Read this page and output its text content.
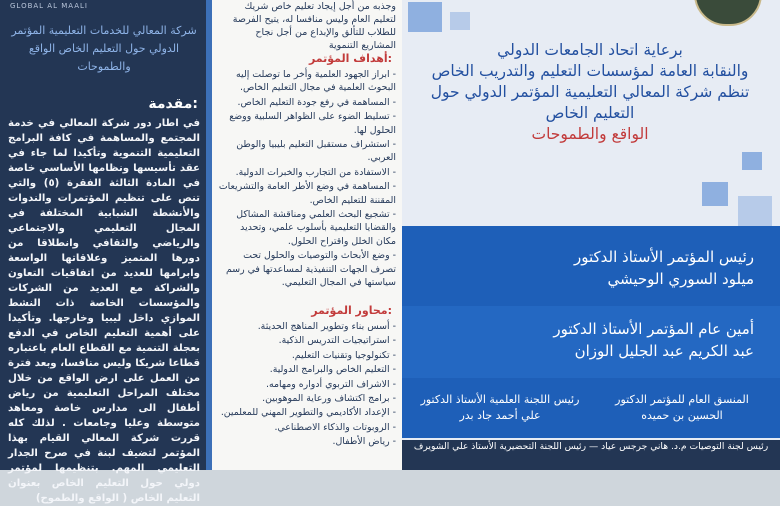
GLOBAL AL MAALI
شركة المعالي للخدمات التعليمية المؤتمر الدولي حول التعليم الخاص الواقع والطموحات
مقدمة:
في اطار دور شركة المعالي في خدمة المجتمع والمساهمة في كافة البرامج التعليمية التنموية وتأكيدا لما جاء في عقد تأسيسها ونظامها الأساسي خاصة في المادة الثالثة الفقرة (٥) والتي تنص على تنظيم المؤتمرات والندوات والأنشطة الشبابية المختلفة في المجال التعليمي والاجتماعي والرياضي والثقافي وانطلاقا من دورها المتميز وعلاقاتها الواسعة وابرامها للعديد من اتفاقيات التعاون والشراكة مع العديد من الشركات والمؤسسات الخاصة ذات النشط الموازي داخل ليبيا وخارجها. وتأكيدا على أهمية التعليم الخاص في الدفع بعجلة التنمية مع القطاع العام باعتباره قطاعا شريكا وليس منافسا، وبعد فترة من العمل على ارض الواقع من خلال مختلف المراحل التعليمية من رياض أطفال الى مدارس خاصة ومعاهد متوسطة وعليا وجامعات . لذلك كله قررت شركة المعالي القيام بهذا المؤتمر لتضيف لبنة في صرح الجدار التعليمي المهم. بتنظيمها لمؤتمر دولي حول التعليم الخاص بعنوان التعليم الخاص ( الواقع والطموح)
وجذبه من أجل إيجاد تعليم خاص شريك لتعليم العام وليس منافسا له، يتيح الفرصة للطلاب للتألق والإبداع من أجل نجاح المشاريع التنموية
أهداف المؤتمر:
- ابراز الجهود العلمية وأخر ما توصلت إليه البحوث العلمية في مجال التعليم الخاص.
- المساهمة في رفع جودة التعليم الخاص.
- تسليط الضوء على الظواهر السلبية ووضع الحلول لها.
- استشراف مستقبل التعليم بليبيا والوطن العربي.
- الاستفادة من التجارب والخبرات الدولية.
- المساهمة في وضع الأطر العامة والتشريعات المقننة للتعليم الخاص.
- تشجيع البحث العلمي ومناقشة المشاكل والقضايا التعليمية بأسلوب علمي، وتحديد مكان الخلل واقتراح الحلول.
- وضع الأبحاث والتوصيات والحلول تحت تصرف الجهات التنفيذية لمساعدتها في رسم سياستها في المجال التعليمي.
محاور المؤتمر:
- أسس بناء وتطوير المناهج الحديثة.
- استراتيجيات التدريس الذكية.
- تكنولوجيا وتقنيات التعليم.
- التعليم الخاص والبرامج الدولية.
- الاشراف التربوي أدواره ومهامه.
- برامج اكتشاف ورعاية الموهوبين.
- الإعداد الأكاديمي والتطوير المهني للمعلمين.
- الروبوتات والذكاء الاصطناعي.
- رياض الأطفال.
برعاية اتحاد الجامعات الدولي
والنقابة العامة لمؤسسات التعليم والتدريب الخاص
تنظم شركة المعالي التعليمية المؤتمر الدولي حول
التعليم الخاص
الواقع والطموحات
رئيس المؤتمر الأستاذ الدكتور
ميلود السوري الوحيشي
أمين عام المؤتمر الأستاذ الدكتور
عبد الكريم عبد الجليل الوزان
المنسق العام للمؤتمر الدكتور
الحسين بن حميده
رئيس اللجنة العلمية الأستاذ الدكتور
علي أحمد جاد بدر
رئيس لجنة التوصيات م.د. هاني جرجس عياد — رئيس اللجنة التحضيرية الأستاذ علي الشويرف
